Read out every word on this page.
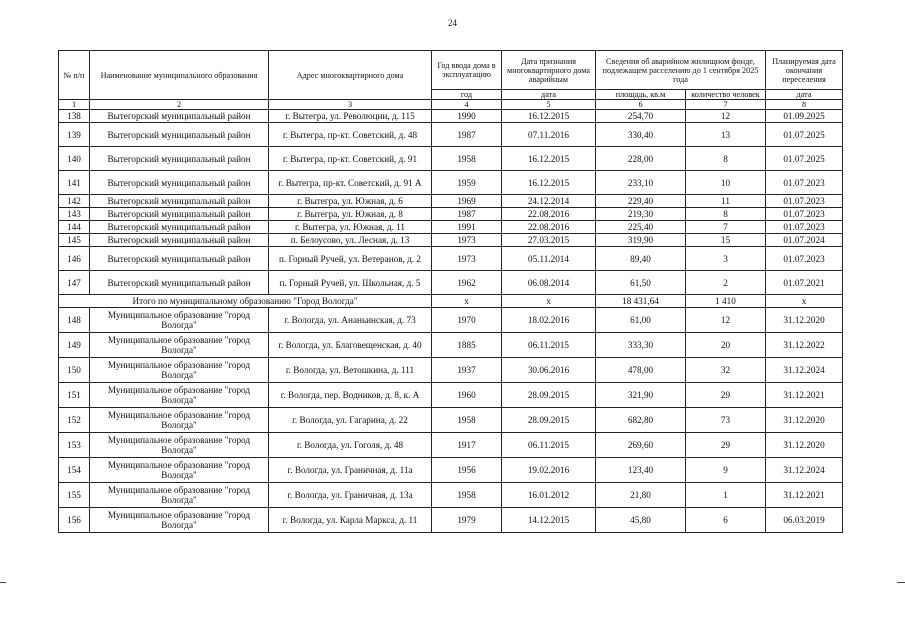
24
№ п/п	Наименование муниципального образования	Адрес многоквартирного дома	Год ввода дома в эксплуатацию	Дата признания многоквартирного дома аварийным	Сведения об аварийном жилищном фонде, подлежащем расселению до 1 сентября 2025 года		Планируемая дата окончания переселения
			год	дата	площадь, кв.м	количество человек	дата
1	2	3	4	5	6	7	8
138	Вытегорский муниципальный район	г. Вытегра, ул. Революции, д. 115	1990	16.12.2015	254,70	12	01.09.2025
139	Вытегорский муниципальный район	г. Вытегра, пр-кт. Советский, д. 48	1987	07.11.2016	330,40	13	01.07.2025
140	Вытегорский муниципальный район	г. Вытегра, пр-кт. Советский, д. 91	1958	16.12.2015	228,00	8	01.07.2025
141	Вытегорский муниципальный район	г. Вытегра, пр-кт. Советский, д. 91 А	1959	16.12.2015	233,10	10	01.07.2023
142	Вытегорский муниципальный район	г. Вытегра, ул. Южная, д. 6	1969	24.12.2014	229,40	11	01.07.2023
143	Вытегорский муниципальный район	г. Вытегра, ул. Южная, д. 8	1987	22.08.2016	219,30	8	01.07.2023
144	Вытегорский муниципальный район	г. Вытегра, ул. Южная, д. 11	1991	22.08.2016	225,40	7	01.07.2023
145	Вытегорский муниципальный район	п. Белоусово, ул. Лесная, д. 13	1973	27.03.2015	319,90	15	01.07.2024
146	Вытегорский муниципальный район	п. Горный Ручей, ул. Ветеранов, д. 2	1973	05.11.2014	89,40	3	01.07.2023
147	Вытегорский муниципальный район	п. Горный Ручей, ул. Школьная, д. 5	1962	06.08.2014	61,50	2	01.07.2021
Итого по муниципальному образованию "Город Вологда"			x	x	18 431,64	1 410	x
148	Муниципальное образование "город Вологда"	г. Вологда, ул. Ананьинская, д. 73	1970	18.02.2016	61,00	12	31.12.2020
149	Муниципальное образование "город Вологда"	г. Вологда, ул. Благовещенская, д. 40	1885	06.11.2015	333,30	20	31.12.2022
150	Муниципальное образование "город Вологда"	г. Вологда, ул. Ветошкина, д. 111	1937	30.06.2016	478,00	32	31.12.2024
151	Муниципальное образование "город Вологда"	г. Вологда, пер. Водников, д. 8, к. А	1960	28.09.2015	321,90	29	31.12.2021
152	Муниципальное образование "город Вологда"	г. Вологда, ул. Гагарина, д. 22	1958	28.09.2015	682,80	73	31.12.2020
153	Муниципальное образование "город Вологда"	г. Вологда, ул. Гоголя, д. 48	1917	06.11.2015	269,60	29	31.12.2020
154	Муниципальное образование "город Вологда"	г. Вологда, ул. Граничная, д. 11а	1956	19.02.2016	123,40	9	31.12.2024
155	Муниципальное образование "город Вологда"	г. Вологда, ул. Граничная, д. 13а	1958	16.01.2012	21,80	1	31.12.2021
156	Муниципальное образование "город Вологда"	г. Вологда, ул. Карла Маркса, д. 11	1979	14.12.2015	45,80	6	06.03.2019
